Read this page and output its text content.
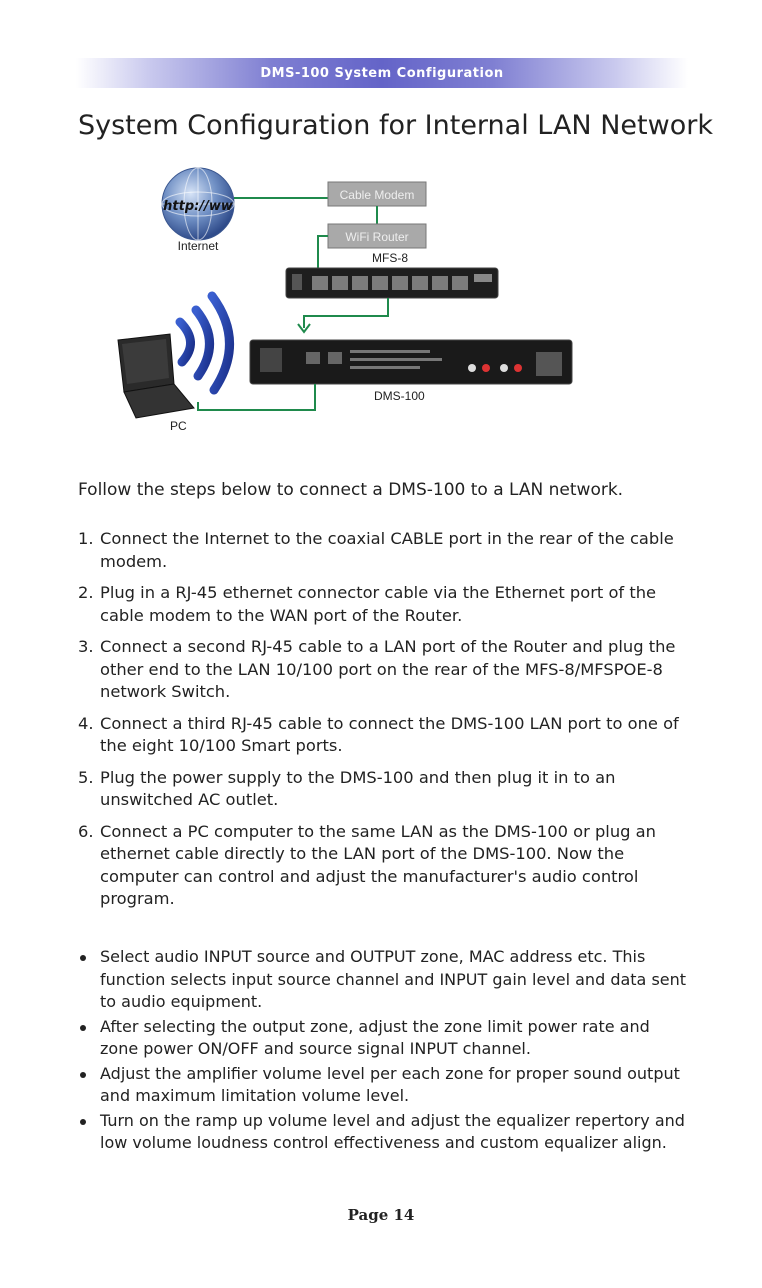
DMS-100 System Configuration
System Configuration for Internal LAN Network
http://ww
Internet
Cable Modem
WiFi Router
MFS-8
DMS-100
PC

Follow the steps below to connect a DMS-100 to a LAN network.

1. Connect the Internet to the coaxial CABLE port in the rear of the cable modem.
2. Plug in a RJ-45 ethernet connector cable via the Ethernet port of the cable modem to the WAN port of the Router.
3. Connect a second RJ-45 cable to a LAN port of the Router and plug the other end to the LAN 10/100 port on the rear of the MFS-8/MFSPOE-8 network Switch.
4. Connect a third RJ-45 cable to connect the DMS-100 LAN port to one of the eight 10/100 Smart ports.
5. Plug the power supply to the DMS-100 and then plug it in to an unswitched AC outlet.
6. Connect a PC computer to the same LAN as the DMS-100 or plug an ethernet cable directly to the LAN port of the DMS-100. Now the computer can control and adjust the manufacturer's audio control program.
Select audio INPUT source and OUTPUT zone, MAC address etc. This function selects input source channel and INPUT gain level and data sent to audio equipment.
After selecting the output zone, adjust the zone limit power rate and zone power ON/OFF and source signal INPUT channel.
Adjust the amplifier volume level per each zone for proper sound output and maximum limitation volume level.
Turn on the ramp up volume level and adjust the equalizer repertory and low volume loudness control effectiveness and custom equalizer align.
Page 14
